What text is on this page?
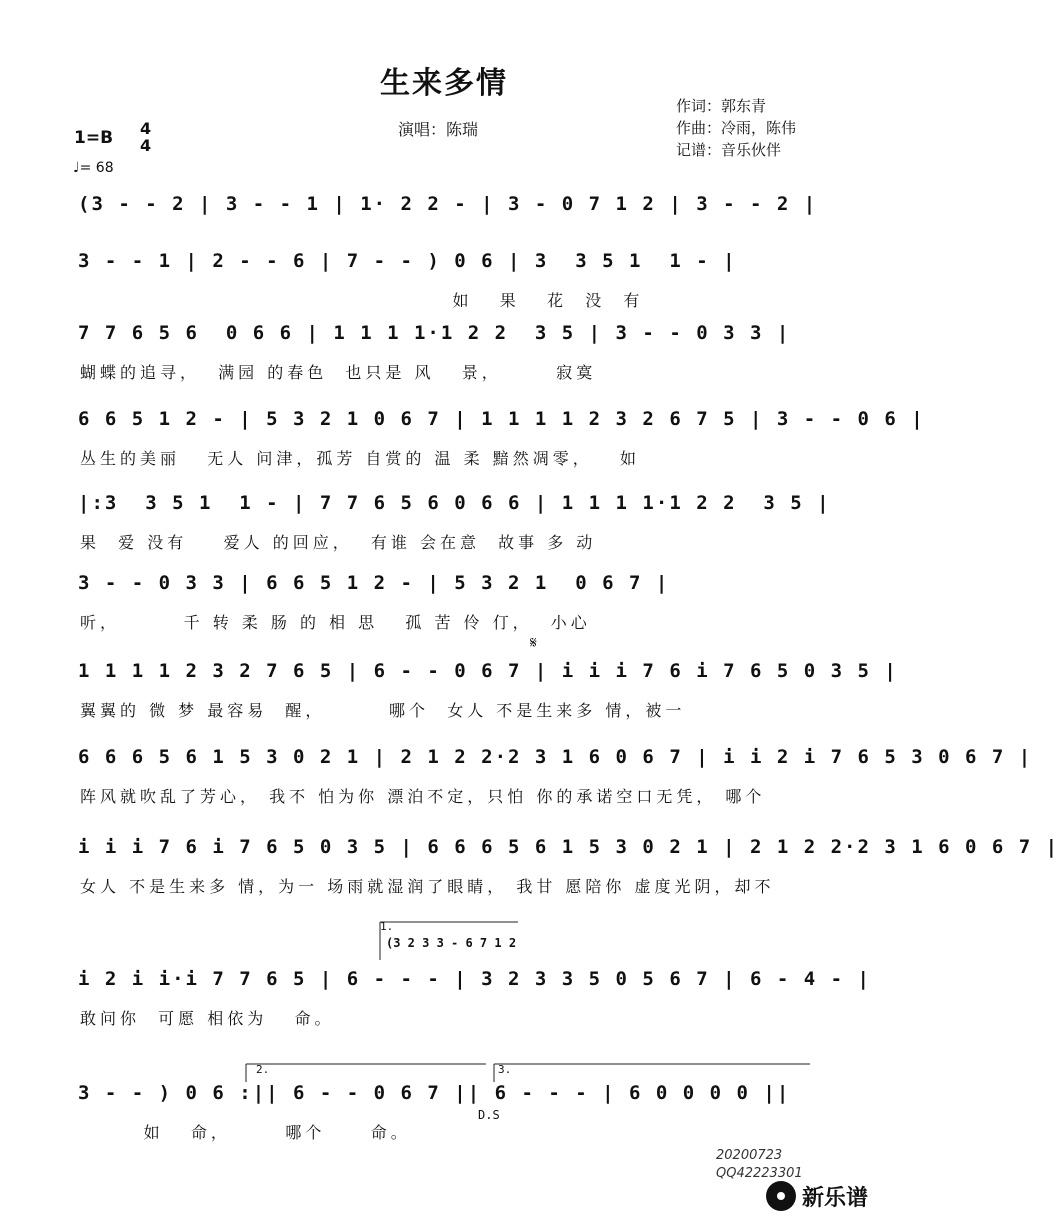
生来多情
演唱：陈瑞
作词：郭东青
作曲：冷雨，陈伟
记谱：音乐伙伴
1=B 4
4
♩= 68
(3 - - 2 | 3 - - 1 | 1· 2 2 - | 3 - 0 7 1 2 | 3 - - 2 |
3 - - 1 | 2 - - 6 | 7 - - ) 0 6 | 3  3 5 1  1 - |
如   果   花  没  有
7 7 6 5 6  0 6 6 | 1 1 1 1·1 2 2  3 5 | 3 - - 0 3 3 |
蝴蝶的追寻，  满园 的春色  也只是 风   景，      寂寞
6 6 5 1 2 - | 5 3 2 1 0 6 7 | 1 1 1 1 2 3 2 6 7 5 | 3 - - 0 6 |
丛生的美丽   无人 问津，孤芳 自赏的 温 柔 黯然凋零，   如
|:3  3 5 1  1 - | 7 7 6 5 6 0 6 6 | 1 1 1 1·1 2 2  3 5 |
果  爱 没有    爱人 的回应，  有谁 会在意  故事 多 动
3 - - 0 3 3 | 6 6 5 1 2 - | 5 3 2 1  0 6 7 |
听，       千 转 柔 肠 的 相 思   孤 苦 伶 仃，  小心
1 1 1 1 2 3 2 7 6 5 | 6 - - 0 6 7 | i i i 7 6 i 7 6 5 0 3 5 |
翼翼的 微 梦 最容易  醒，       哪个  女人 不是生来多 情，被一
6 6 6 5 6 1 5 3 0 2 1 | 2 1 2 2·2 3 1 6 0 6 7 | i i 2 i 7 6 5 3 0 6 7 |
阵风就吹乱了芳心， 我不 怕为你 漂泊不定，只怕 你的承诺空口无凭， 哪个
i i i 7 6 i 7 6 5 0 3 5 | 6 6 6 5 6 1 5 3 0 2 1 | 2 1 2 2·2 3 1 6 0 6 7 |
女人 不是生来多 情，为一 场雨就湿润了眼睛， 我甘 愿陪你 虚度光阴，却不
i 2 i i·i 7 7 6 5 | 6 - - - | 3 2 3 3 5 0 5 6 7 | 6 - 4 - |
敢问你  可愿 相依为   命。
3 - - ) 0 6 :|| 6 - - 0 6 7 || 6 - - - | 6 0 0 0 0 ||
如   命，      哪个     命。
1.
(3 2 3 3 - 6 7 1 2
2.	3.
𝄋
D.S
20200723
QQ42223301
新乐谱
